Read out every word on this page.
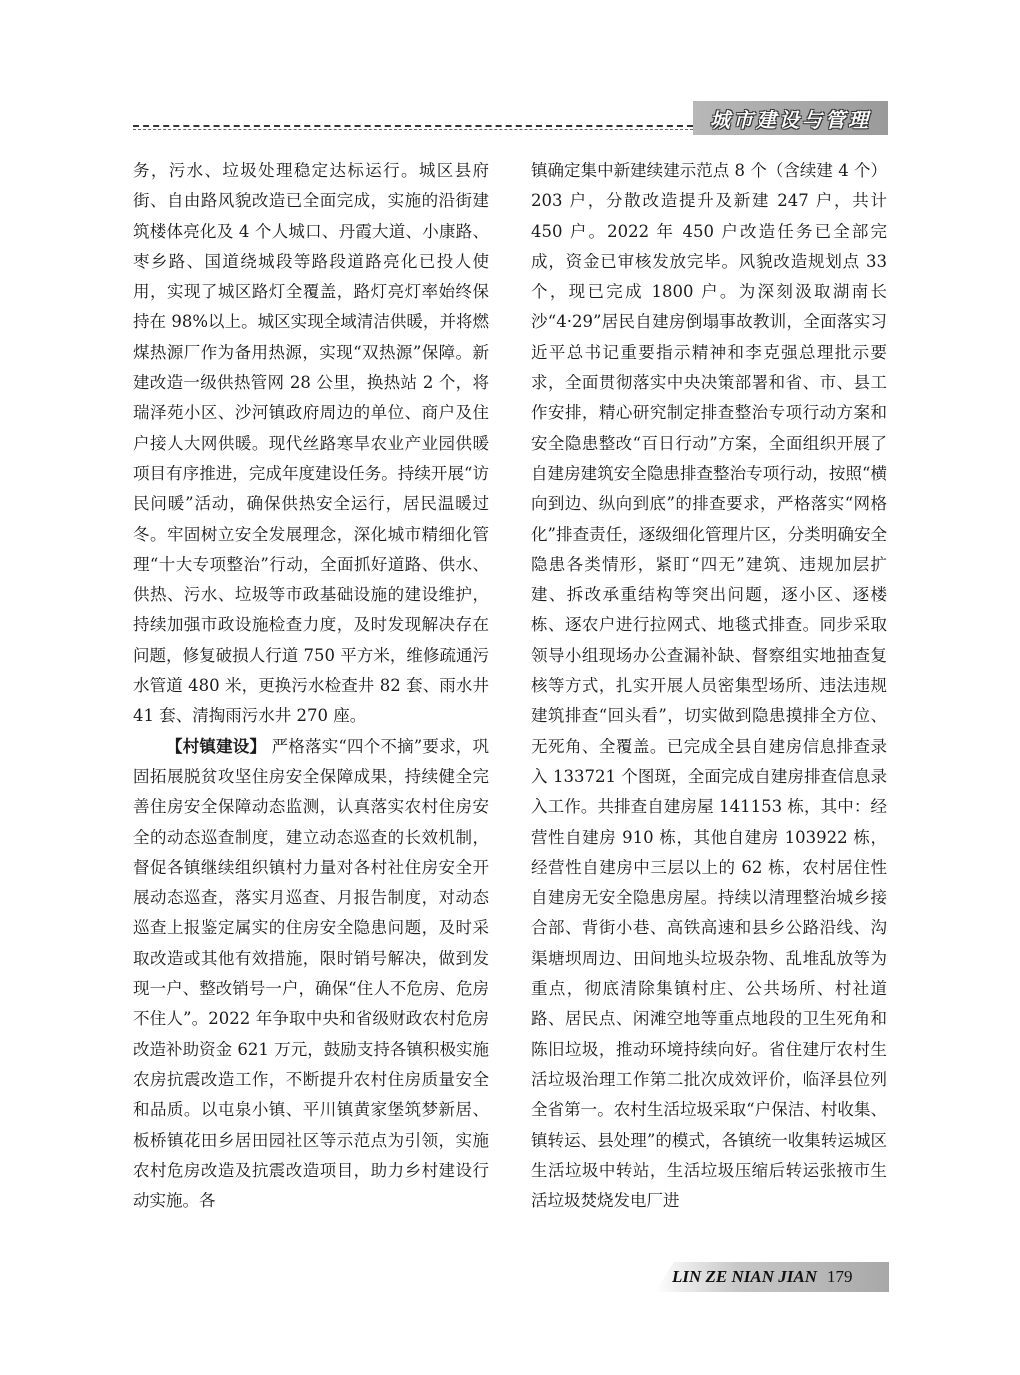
城市建设与管理

务，污水、垃圾处理稳定达标运行。城区县府街、自由路风貌改造已全面完成，实施的沿街建筑楼体亮化及 4 个人城口、丹霞大道、小康路、枣乡路、国道绕城段等路段道路亮化已投人使用，实现了城区路灯全覆盖，路灯亮灯率始终保持在 98%以上。城区实现全域清洁供暖，并将燃煤热源厂作为备用热源，实现“双热源”保障。新建改造一级供热管网 28 公里，换热站 2 个，将瑞泽苑小区、沙河镇政府周边的单位、商户及住户接人大网供暖。现代丝路寒旱农业产业园供暖项目有序推进，完成年度建设任务。持续开展“访民问暖”活动，确保供热安全运行，居民温暖过冬。牢固树立安全发展理念，深化城市精细化管理“十大专项整治”行动，全面抓好道路、供水、供热、污水、垃圾等市政基础设施的建设维护，持续加强市政设施检查力度，及时发现解决存在问题，修复破损人行道 750 平方米，维修疏通污水管道 480 米，更换污水检查井 82 套、雨水井 41 套、清掏雨污水井 270 座。

【村镇建设】 严格落实“四个不摘”要求，巩固拓展脱贫攻坚住房安全保障成果，持续健全完善住房安全保障动态监测，认真落实农村住房安全的动态巡查制度，建立动态巡查的长效机制，督促各镇继续组织镇村力量对各村社住房安全开展动态巡查，落实月巡查、月报告制度，对动态巡查上报鉴定属实的住房安全隐患问题，及时采取改造或其他有效措施，限时销号解决，做到发现一户、整改销号一户，确保“住人不危房、危房不住人”。2022 年争取中央和省级财政农村危房改造补助资金 621 万元，鼓励支持各镇积极实施农房抗震改造工作，不断提升农村住房质量安全和品质。以屯泉小镇、平川镇黄家堡筑梦新居、板桥镇花田乡居田园社区等示范点为引领，实施农村危房改造及抗震改造项目，助力乡村建设行动实施。各

镇确定集中新建续建示范点 8 个（含续建 4 个）203 户，分散改造提升及新建 247 户，共计 450 户。2022 年 450 户改造任务已全部完成，资金已审核发放完毕。风貌改造规划点 33 个，现已完成 1800 户。为深刻汲取湖南长沙“4·29”居民自建房倒塌事故教训，全面落实习近平总书记重要指示精神和李克强总理批示要求，全面贯彻落实中央决策部署和省、市、县工作安排，精心研究制定排查整治专项行动方案和安全隐患整改“百日行动”方案，全面组织开展了自建房建筑安全隐患排查整治专项行动，按照“横向到边、纵向到底”的排查要求，严格落实“网格化”排查责任，逐级细化管理片区，分类明确安全隐患各类情形，紧盯“四无”建筑、违规加层扩建、拆改承重结构等突出问题，逐小区、逐楼栋、逐农户进行拉网式、地毯式排查。同步采取领导小组现场办公查漏补缺、督察组实地抽查复核等方式，扎实开展人员密集型场所、违法违规建筑排查“回头看”，切实做到隐患摸排全方位、无死角、全覆盖。已完成全县自建房信息排查录入 133721 个图斑，全面完成自建房排查信息录入工作。共排查自建房屋 141153 栋，其中：经营性自建房 910 栋，其他自建房 103922 栋，经营性自建房中三层以上的 62 栋，农村居住性自建房无安全隐患房屋。持续以清理整治城乡接合部、背街小巷、高铁高速和县乡公路沿线、沟渠塘坝周边、田间地头垃圾杂物、乱堆乱放等为重点，彻底清除集镇村庄、公共场所、村社道路、居民点、闲滩空地等重点地段的卫生死角和陈旧垃圾，推动环境持续向好。省住建厅农村生活垃圾治理工作第二批次成效评价，临泽县位列全省第一。农村生活垃圾采取“户保洁、村收集、镇转运、县处理”的模式，各镇统一收集转运城区生活垃圾中转站，生活垃圾压缩后转运张掖市生活垃圾焚烧发电厂进

LIN ZE NIAN JIAN 179
